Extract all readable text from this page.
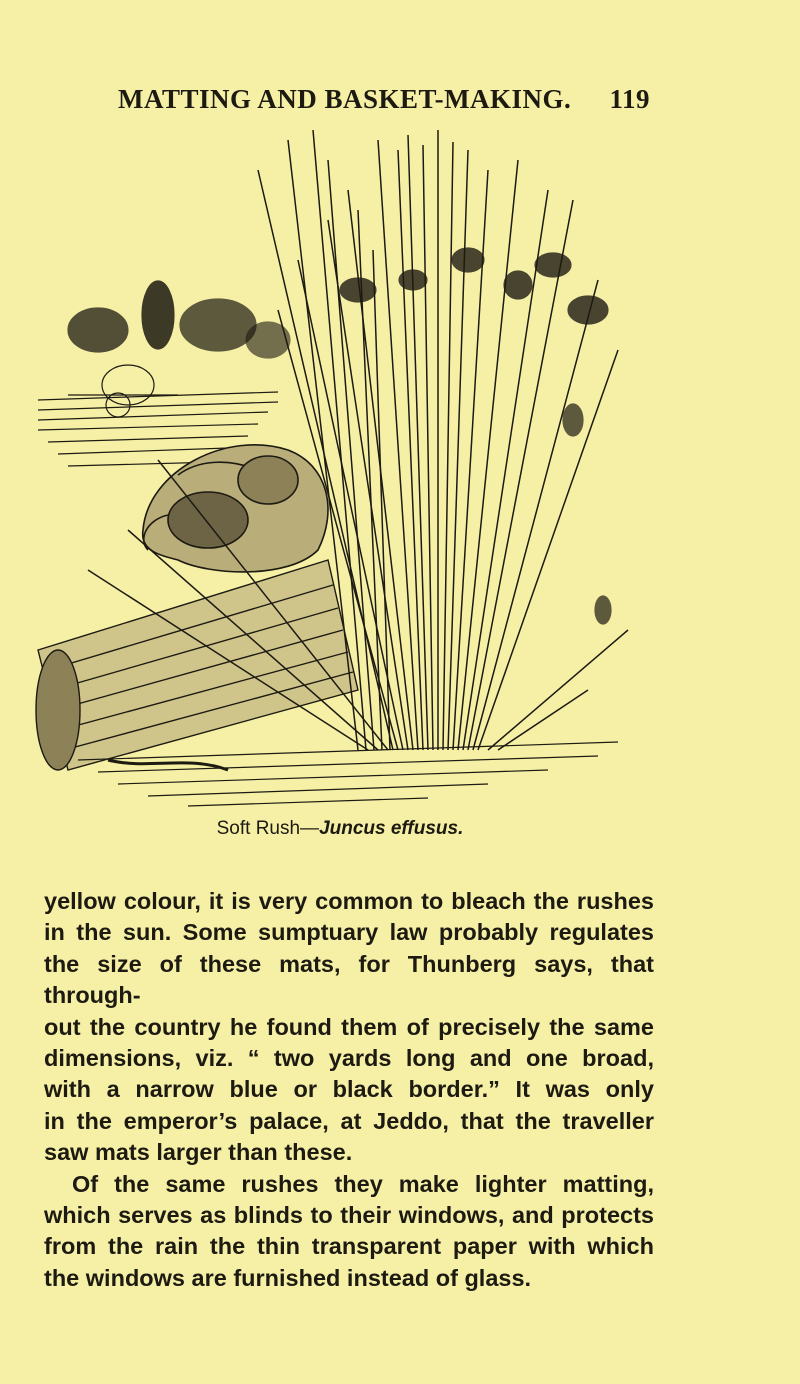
MATTING AND BASKET-MAKING. 119
Soft Rush—Juncus effusus.

yellow colour, it is very common to bleach the rushes

in the sun. Some sumptuary law probably regulates

the size of these mats, for Thunberg says, that through-

out the country he found them of precisely the same

dimensions, viz. “ two yards long and one broad,

with a narrow blue or black border.” It was only

in the emperor’s palace, at Jeddo, that the traveller

saw mats larger than these.

Of the same rushes they make lighter matting,

which serves as blinds to their windows, and protects

from the rain the thin transparent paper with which

the windows are furnished instead of glass.
